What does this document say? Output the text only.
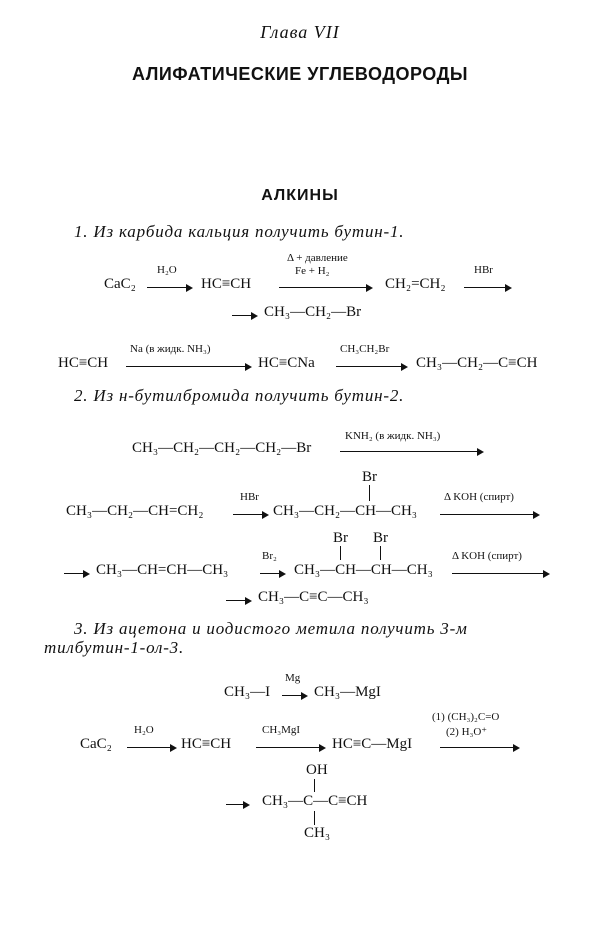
Глава VII
АЛИФАТИЧЕСКИЕ УГЛЕВОДОРОДЫ
АЛКИНЫ
1. Из карбида кальция получить бутин-1.
CaC₂
H₂O
→ HC≡CH
Δ + давление
Fe + H₂
CH₂=CH₂
HBr
→ CH₃—CH₂—Br
HC≡CH
Na (в жидк. NH₃)
HC≡CNa
CH₃CH₂Br
CH₃—CH₂—C≡CH
2. Из н-бутилбромида получить бутин-2.
CH₃—CH₂—CH₂—CH₂—Br
KNH₂ (в жидк. NH₃)
CH₃—CH₂—CH=CH₂
HBr
Br
CH₃—CH₂—CH—CH₃
Δ KOH (спирт)
→ CH₃—CH=CH—CH₃
Br₂
Br Br
CH₃—CH—CH—CH₃
Δ KOH (спирт)
→ CH₃—C≡C—CH₃
3. Из ацетона и иодистого метила получить 3-м
тилбутин-1-ол-3.
CH₃—I
Mg
→ CH₃—MgI
CaC₂
H₂O
→ HC≡CH
CH₃MgI
HC≡C—MgI
(1) (CH₃)₂C=O
(2) H₃O⁺
OH
→ CH₃—C—C≡CH
CH₃
